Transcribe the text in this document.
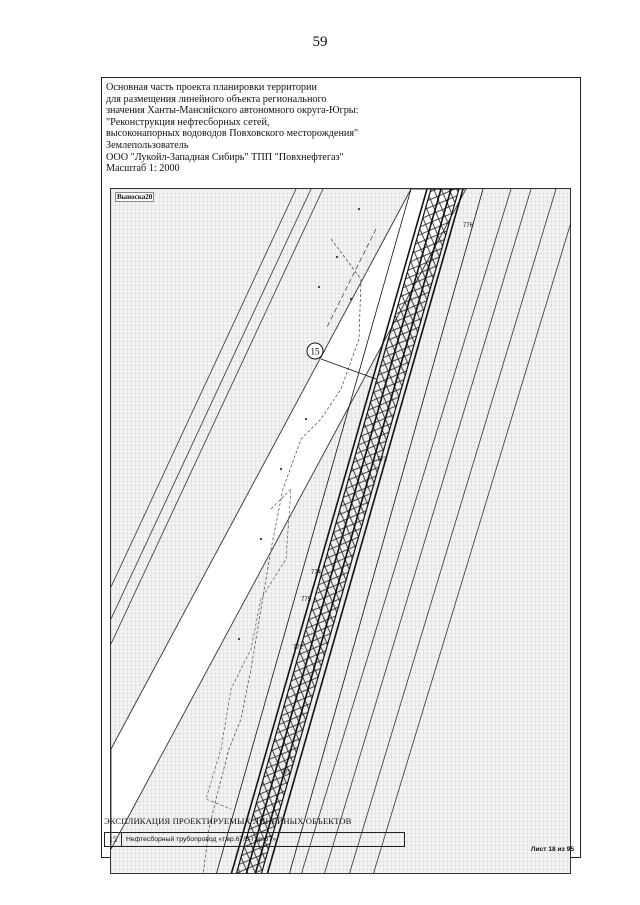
59
Основная часть проекта планировки территории
для размещения линейного объекта регионального
значения Ханты-Мансийского автономного округа-Югры:
"Реконструкция нефтесборных сетей,
высоконапорных водоводов Повховского месторождения"
Землепользователь
ООО "Лукойл-Западная Сибирь" ТПП "Повхнефтегаз"
Масштаб 1: 2000
15
776
773
774
775
772
771
Выноска20
ЭКСПЛИКАЦИЯ ПРОЕКТИРУЕМЫХ ЛИНЕЙНЫХ ОБЪЕКТОВ
15	Нефтесборный трубопровод «т.вр.67/5-т.вр.67»
Лист 18 из 95
